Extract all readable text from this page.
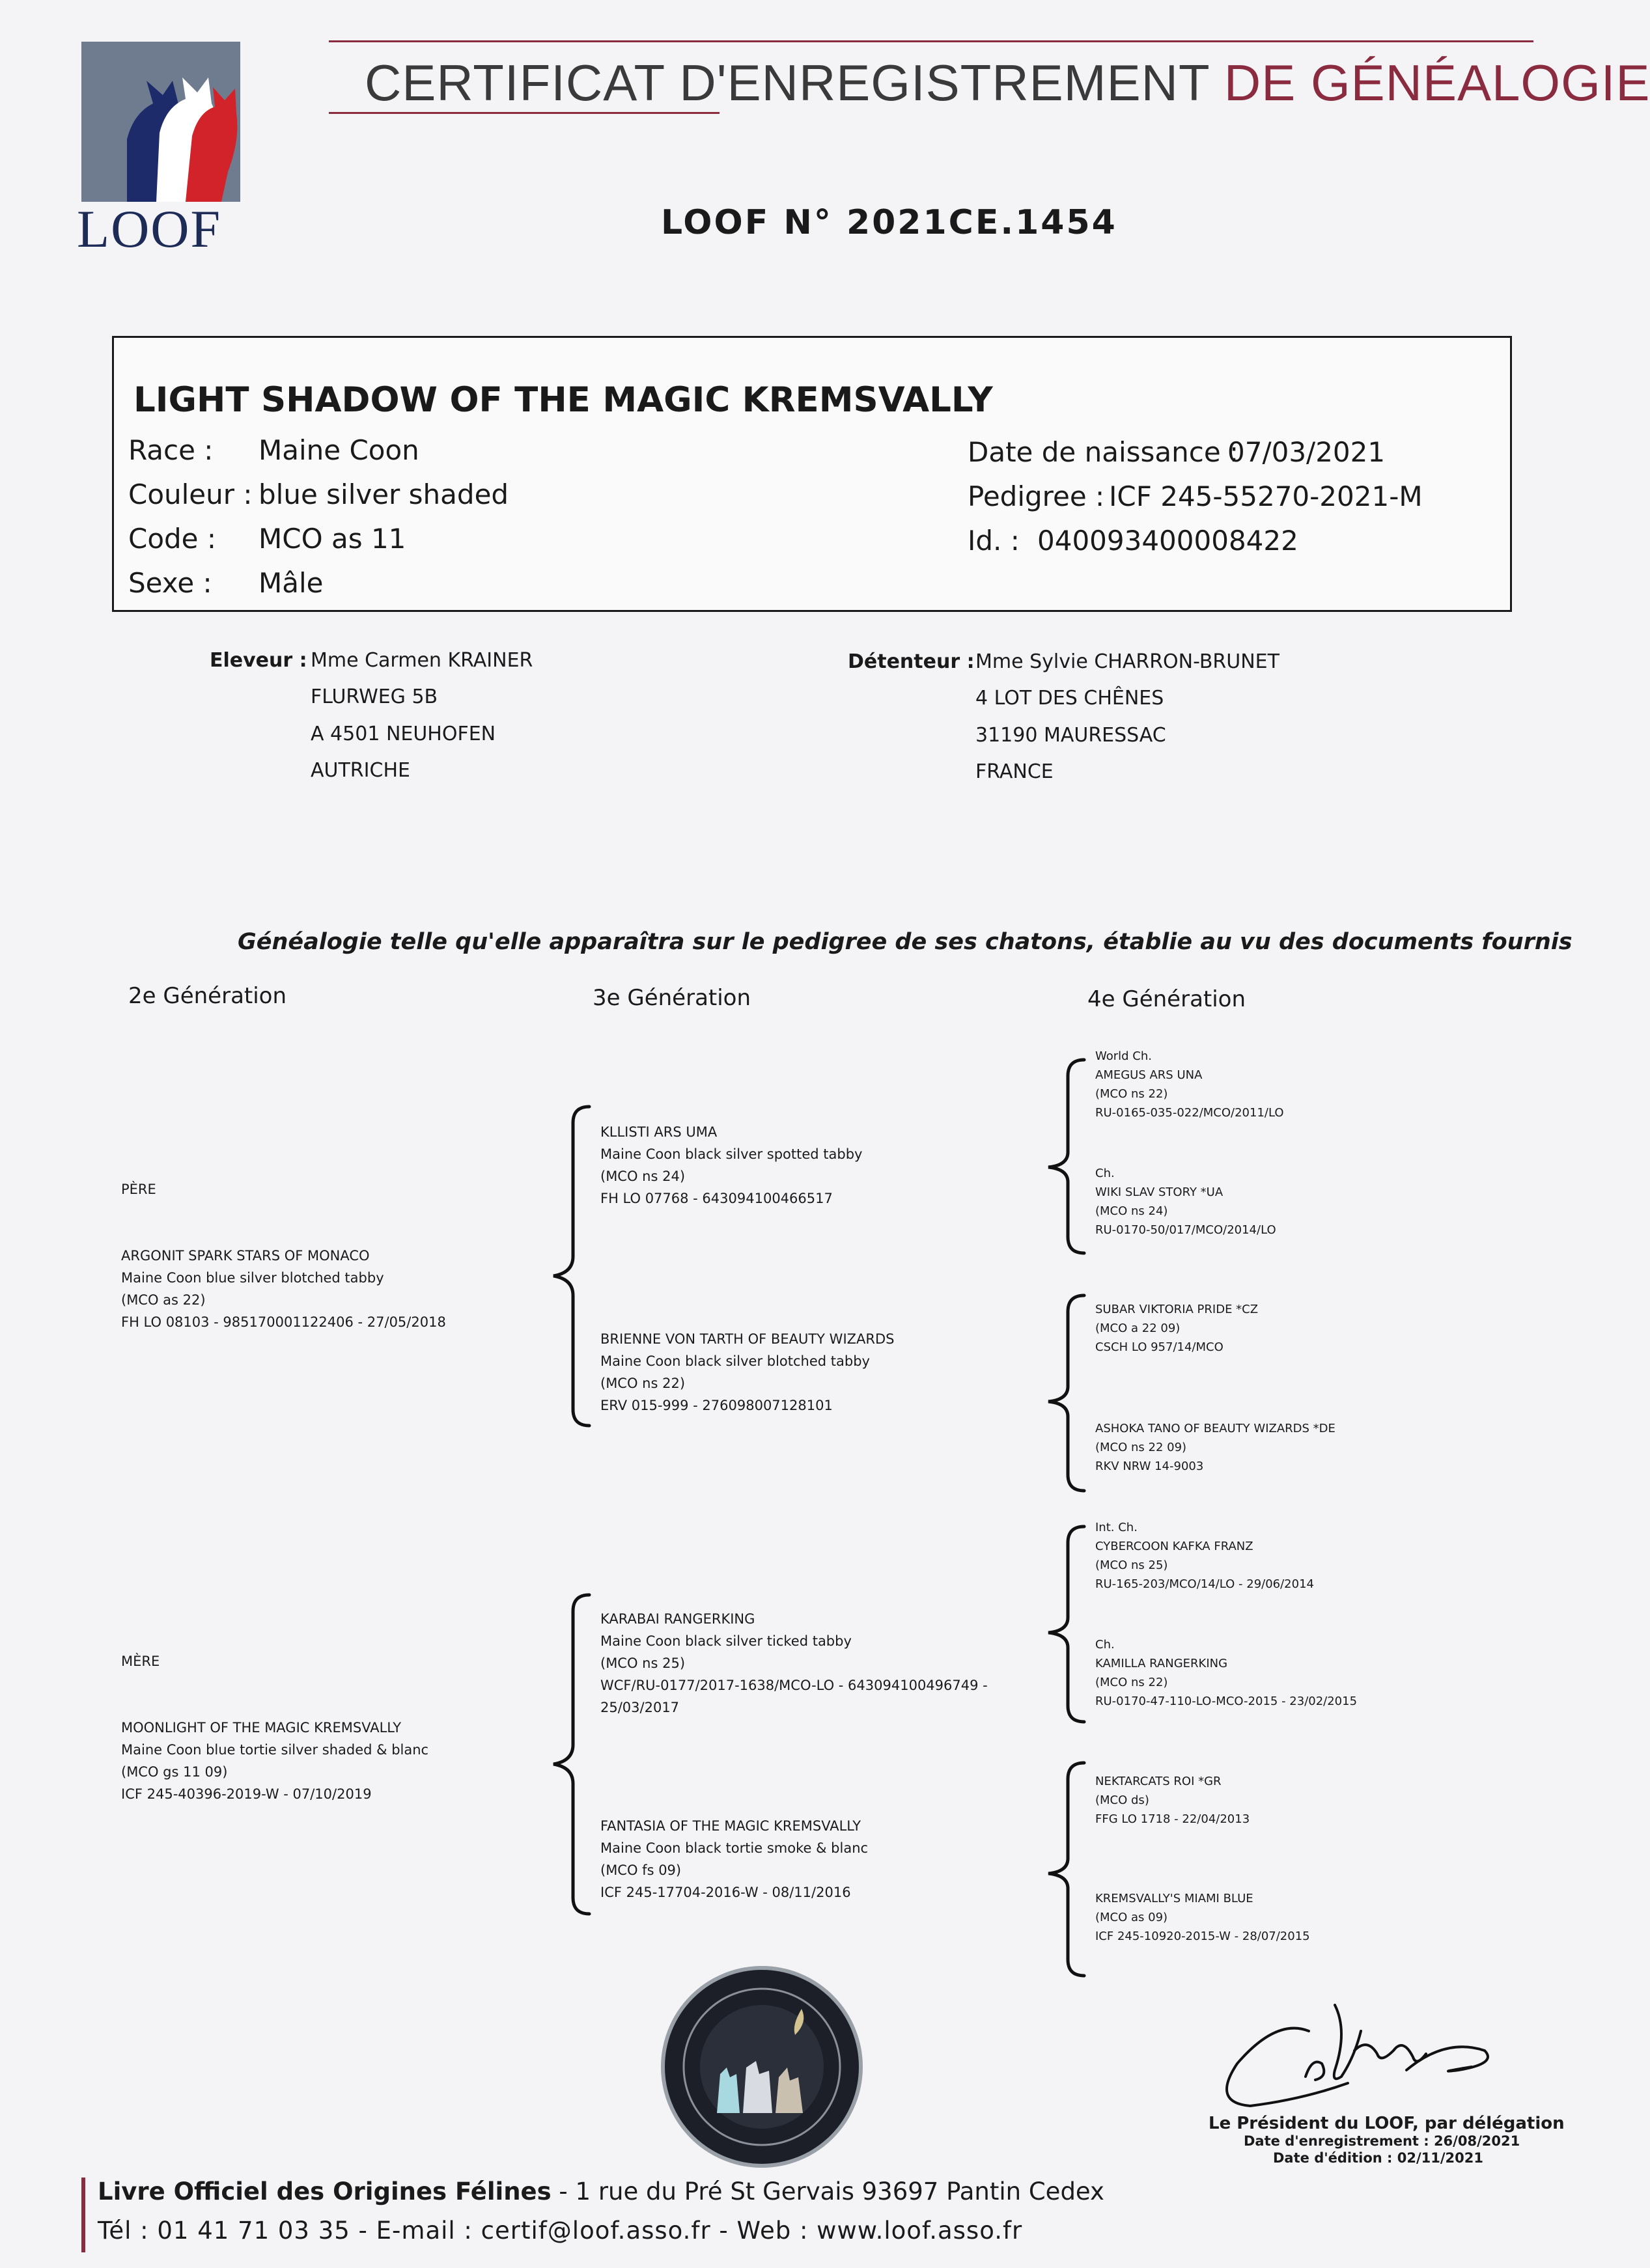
LOOF
CERTIFICAT D'ENREGISTREMENT DE GÉNÉALOGIE
LOOF N° 2021CE.1454
LIGHT SHADOW OF THE MAGIC KREMSVALLY
Race : Maine Coon
Couleur : blue silver shaded
Code : MCO as 11
Sexe : Mâle
Date de naissance :
07/03/2021
Pedigree : ICF 245-55270-2021-M
Id. : 040093400008422
Eleveur : Mme Carmen KRAINER
FLURWEG 5B
A 4501 NEUHOFEN
AUTRICHE
Détenteur : Mme Sylvie CHARRON-BRUNET
4 LOT DES CHÊNES
31190 MAURESSAC
FRANCE
Généalogie telle qu'elle apparaîtra sur le pedigree de ses chatons, établie au vu des documents fournis
2e Génération	3e Génération	4e Génération
PÈRE
MÈRE
ARGONIT SPARK STARS OF MONACO
Maine Coon blue silver blotched tabby
(MCO as 22)
FH LO 08103 - 985170001122406 - 27/05/2018
MOONLIGHT OF THE MAGIC KREMSVALLY
Maine Coon blue tortie silver shaded & blanc
(MCO gs 11 09)
ICF 245-40396-2019-W - 07/10/2019
KLLISTI ARS UMA
Maine Coon black silver spotted tabby
(MCO ns 24)
FH LO 07768 - 643094100466517
BRIENNE VON TARTH OF BEAUTY WIZARDS
Maine Coon black silver blotched tabby
(MCO ns 22)
ERV 015-999 - 276098007128101
KARABAI RANGERKING
Maine Coon black silver ticked tabby
(MCO ns 25)
WCF/RU-0177/2017-1638/MCO-LO - 643094100496749 -
25/03/2017
FANTASIA OF THE MAGIC KREMSVALLY
Maine Coon black tortie smoke & blanc
(MCO fs 09)
ICF 245-17704-2016-W - 08/11/2016
World Ch.
AMEGUS ARS UNA
(MCO ns 22)
RU-0165-035-022/MCO/2011/LO
Ch.
WIKI SLAV STORY *UA
(MCO ns 24)
RU-0170-50/017/MCO/2014/LO
SUBAR VIKTORIA PRIDE *CZ
(MCO a 22 09)
CSCH LO 957/14/MCO
ASHOKA TANO OF BEAUTY WIZARDS *DE
(MCO ns 22 09)
RKV NRW 14-9003
Int. Ch.
CYBERCOON KAFKA FRANZ
(MCO ns 25)
RU-165-203/MCO/14/LO - 29/06/2014
Ch.
KAMILLA RANGERKING
(MCO ns 22)
RU-0170-47-110-LO-MCO-2015 - 23/02/2015
NEKTARCATS ROI *GR
(MCO ds)
FFG LO 1718 - 22/04/2013
KREMSVALLY'S MIAMI BLUE
(MCO as 09)
ICF 245-10920-2015-W - 28/07/2015
Le Président du LOOF, par délégation
Date d'enregistrement : 26/08/2021
Date d'édition : 02/11/2021
Livre Officiel des Origines Félines - 1 rue du Pré St Gervais 93697 Pantin Cedex
Tél : 01 41 71 03 35 - E-mail : certif@loof.asso.fr - Web : www.loof.asso.fr
